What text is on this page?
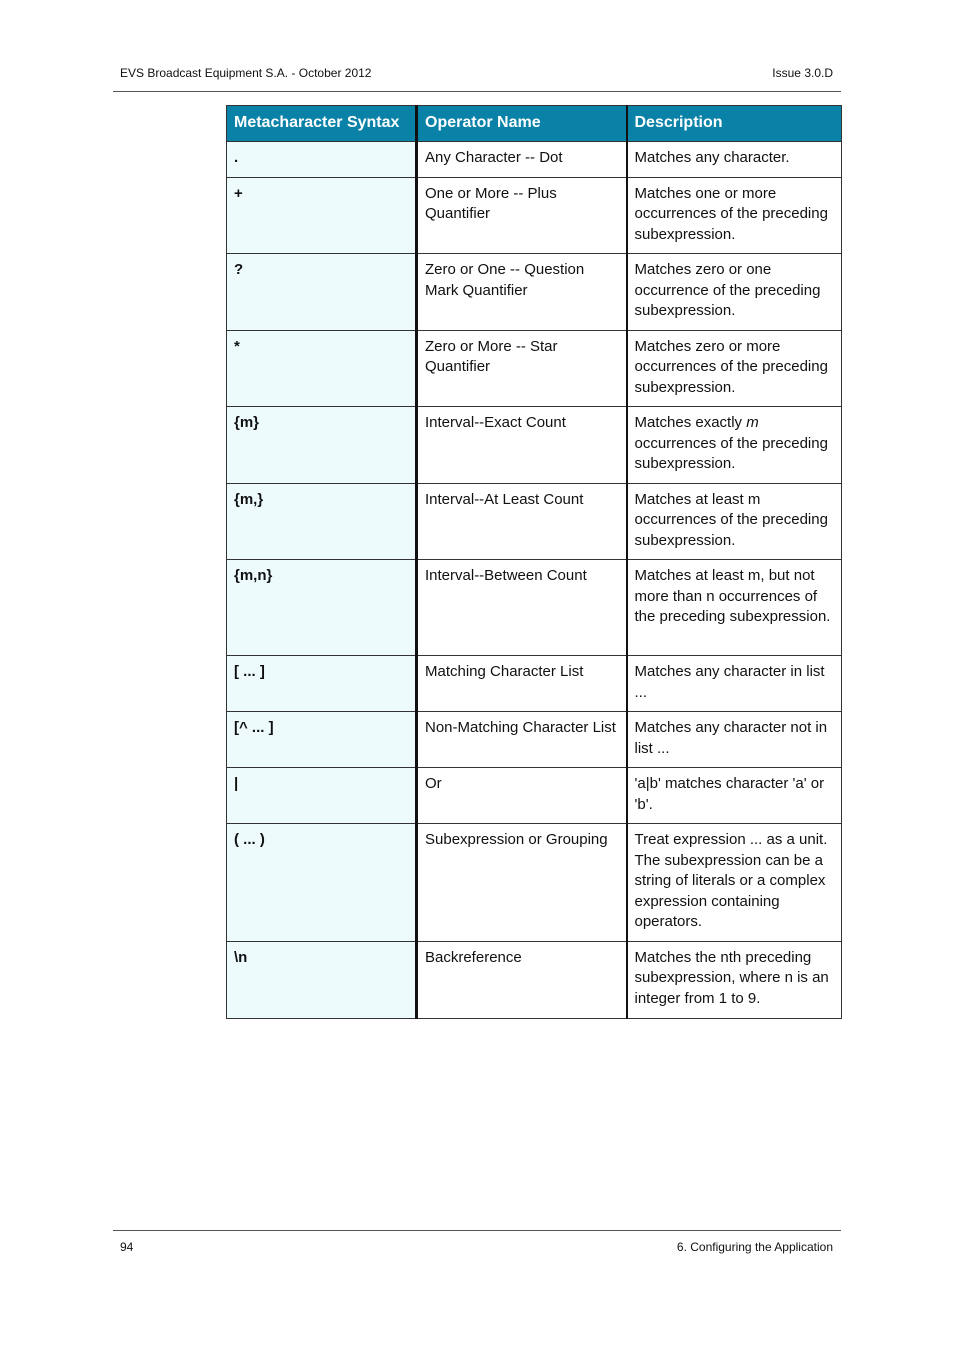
EVS Broadcast Equipment S.A. - October 2012	Issue 3.0.D
Metacharacter Syntax	Operator Name	Description
.	Any Character -- Dot	Matches any character.
+	One or More -- Plus Quantifier	Matches one or more occurrences of the preceding subexpression.
?	Zero or One -- Question Mark Quantifier	Matches zero or one occurrence of the preceding subexpression.
*	Zero or More -- Star Quantifier	Matches zero or more occurrences of the preceding subexpression.
{m}	Interval--Exact Count	Matches exactly m occurrences of the preceding subexpression.
{m,}	Interval--At Least Count	Matches at least m occurrences of the preceding subexpression.
{m,n}	Interval--Between Count	Matches at least m, but not more than n occurrences of the preceding subexpression.
[ ... ]	Matching Character List	Matches any character in list ...
[^ ... ]	Non-Matching Character List	Matches any character not in list ...
|	Or	'a|b' matches character 'a' or 'b'.
( ... )	Subexpression or Grouping	Treat expression ... as a unit. The subexpression can be a string of literals or a complex expression containing operators.
\n	Backreference	Matches the nth preceding subexpression, where n is an integer from 1 to 9.
94	6. Configuring the Application
